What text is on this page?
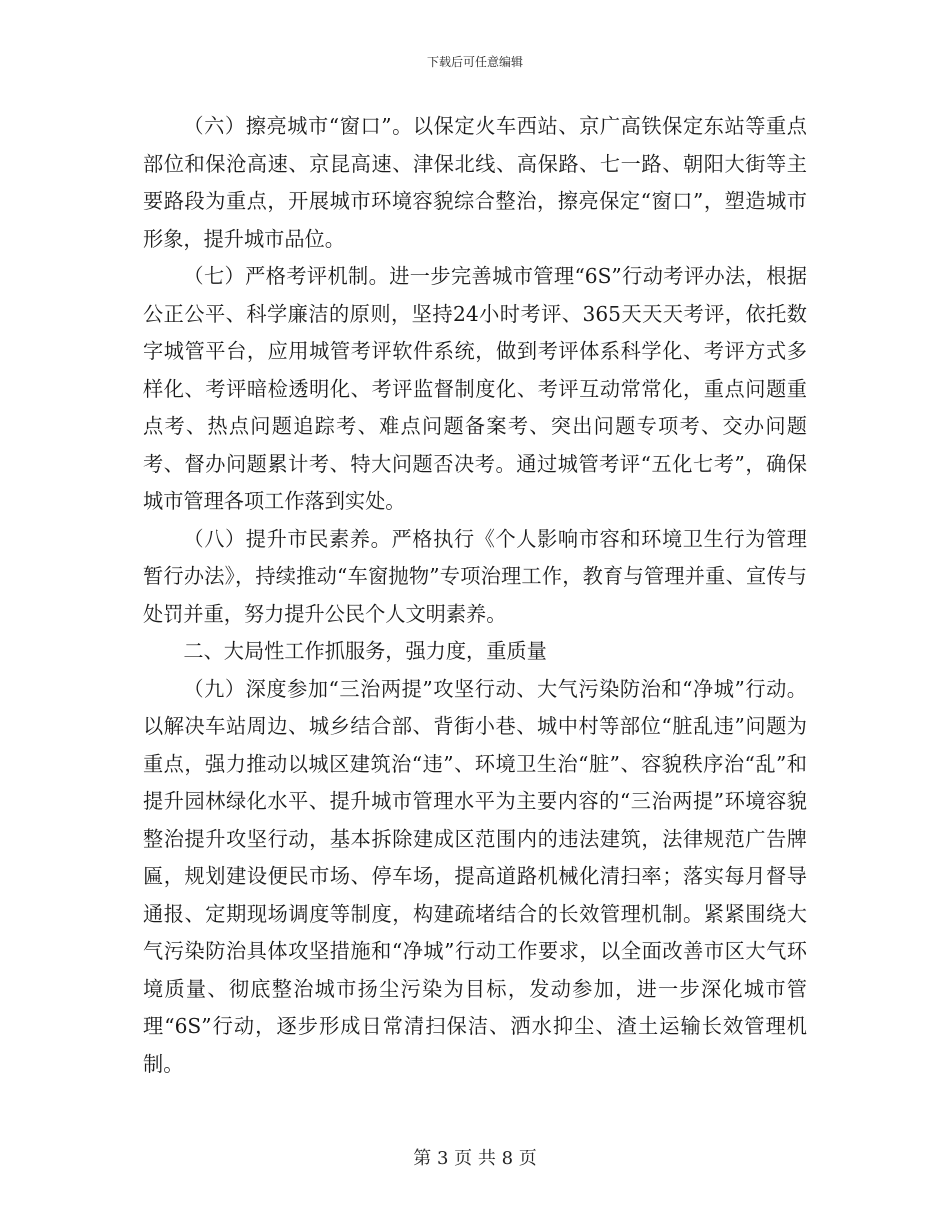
下载后可任意编辑

（六）擦亮城市“窗口”。以保定火车西站、京广高铁保定东站等重点部位和保沧高速、京昆高速、津保北线、高保路、七一路、朝阳大街等主要路段为重点，开展城市环境容貌综合整治，擦亮保定“窗口”，塑造城市形象，提升城市品位。

（七）严格考评机制。进一步完善城市管理“6S”行动考评办法，根据公正公平、科学廉洁的原则，坚持24小时考评、365天天天考评，依托数字城管平台，应用城管考评软件系统，做到考评体系科学化、考评方式多样化、考评暗检透明化、考评监督制度化、考评互动常常化，重点问题重点考、热点问题追踪考、难点问题备案考、突出问题专项考、交办问题考、督办问题累计考、特大问题否决考。通过城管考评“五化七考”，确保城市管理各项工作落到实处。

（八）提升市民素养。严格执行《个人影响市容和环境卫生行为管理暂行办法》，持续推动“车窗抛物”专项治理工作，教育与管理并重、宣传与处罚并重，努力提升公民个人文明素养。

二、大局性工作抓服务，强力度，重质量

（九）深度参加“三治两提”攻坚行动、大气污染防治和“净城”行动。以解决车站周边、城乡结合部、背街小巷、城中村等部位“脏乱违”问题为重点，强力推动以城区建筑治“违”、环境卫生治“脏”、容貌秩序治“乱”和提升园林绿化水平、提升城市管理水平为主要内容的“三治两提”环境容貌整治提升攻坚行动，基本拆除建成区范围内的违法建筑，法律规范广告牌匾，规划建设便民市场、停车场，提高道路机械化清扫率；落实每月督导通报、定期现场调度等制度，构建疏堵结合的长效管理机制。紧紧围绕大气污染防治具体攻坚措施和“净城”行动工作要求，以全面改善市区大气环境质量、彻底整治城市扬尘污染为目标，发动参加，进一步深化城市管理“6S”行动，逐步形成日常清扫保洁、洒水抑尘、渣土运输长效管理机制。

第 3 页 共 8 页
